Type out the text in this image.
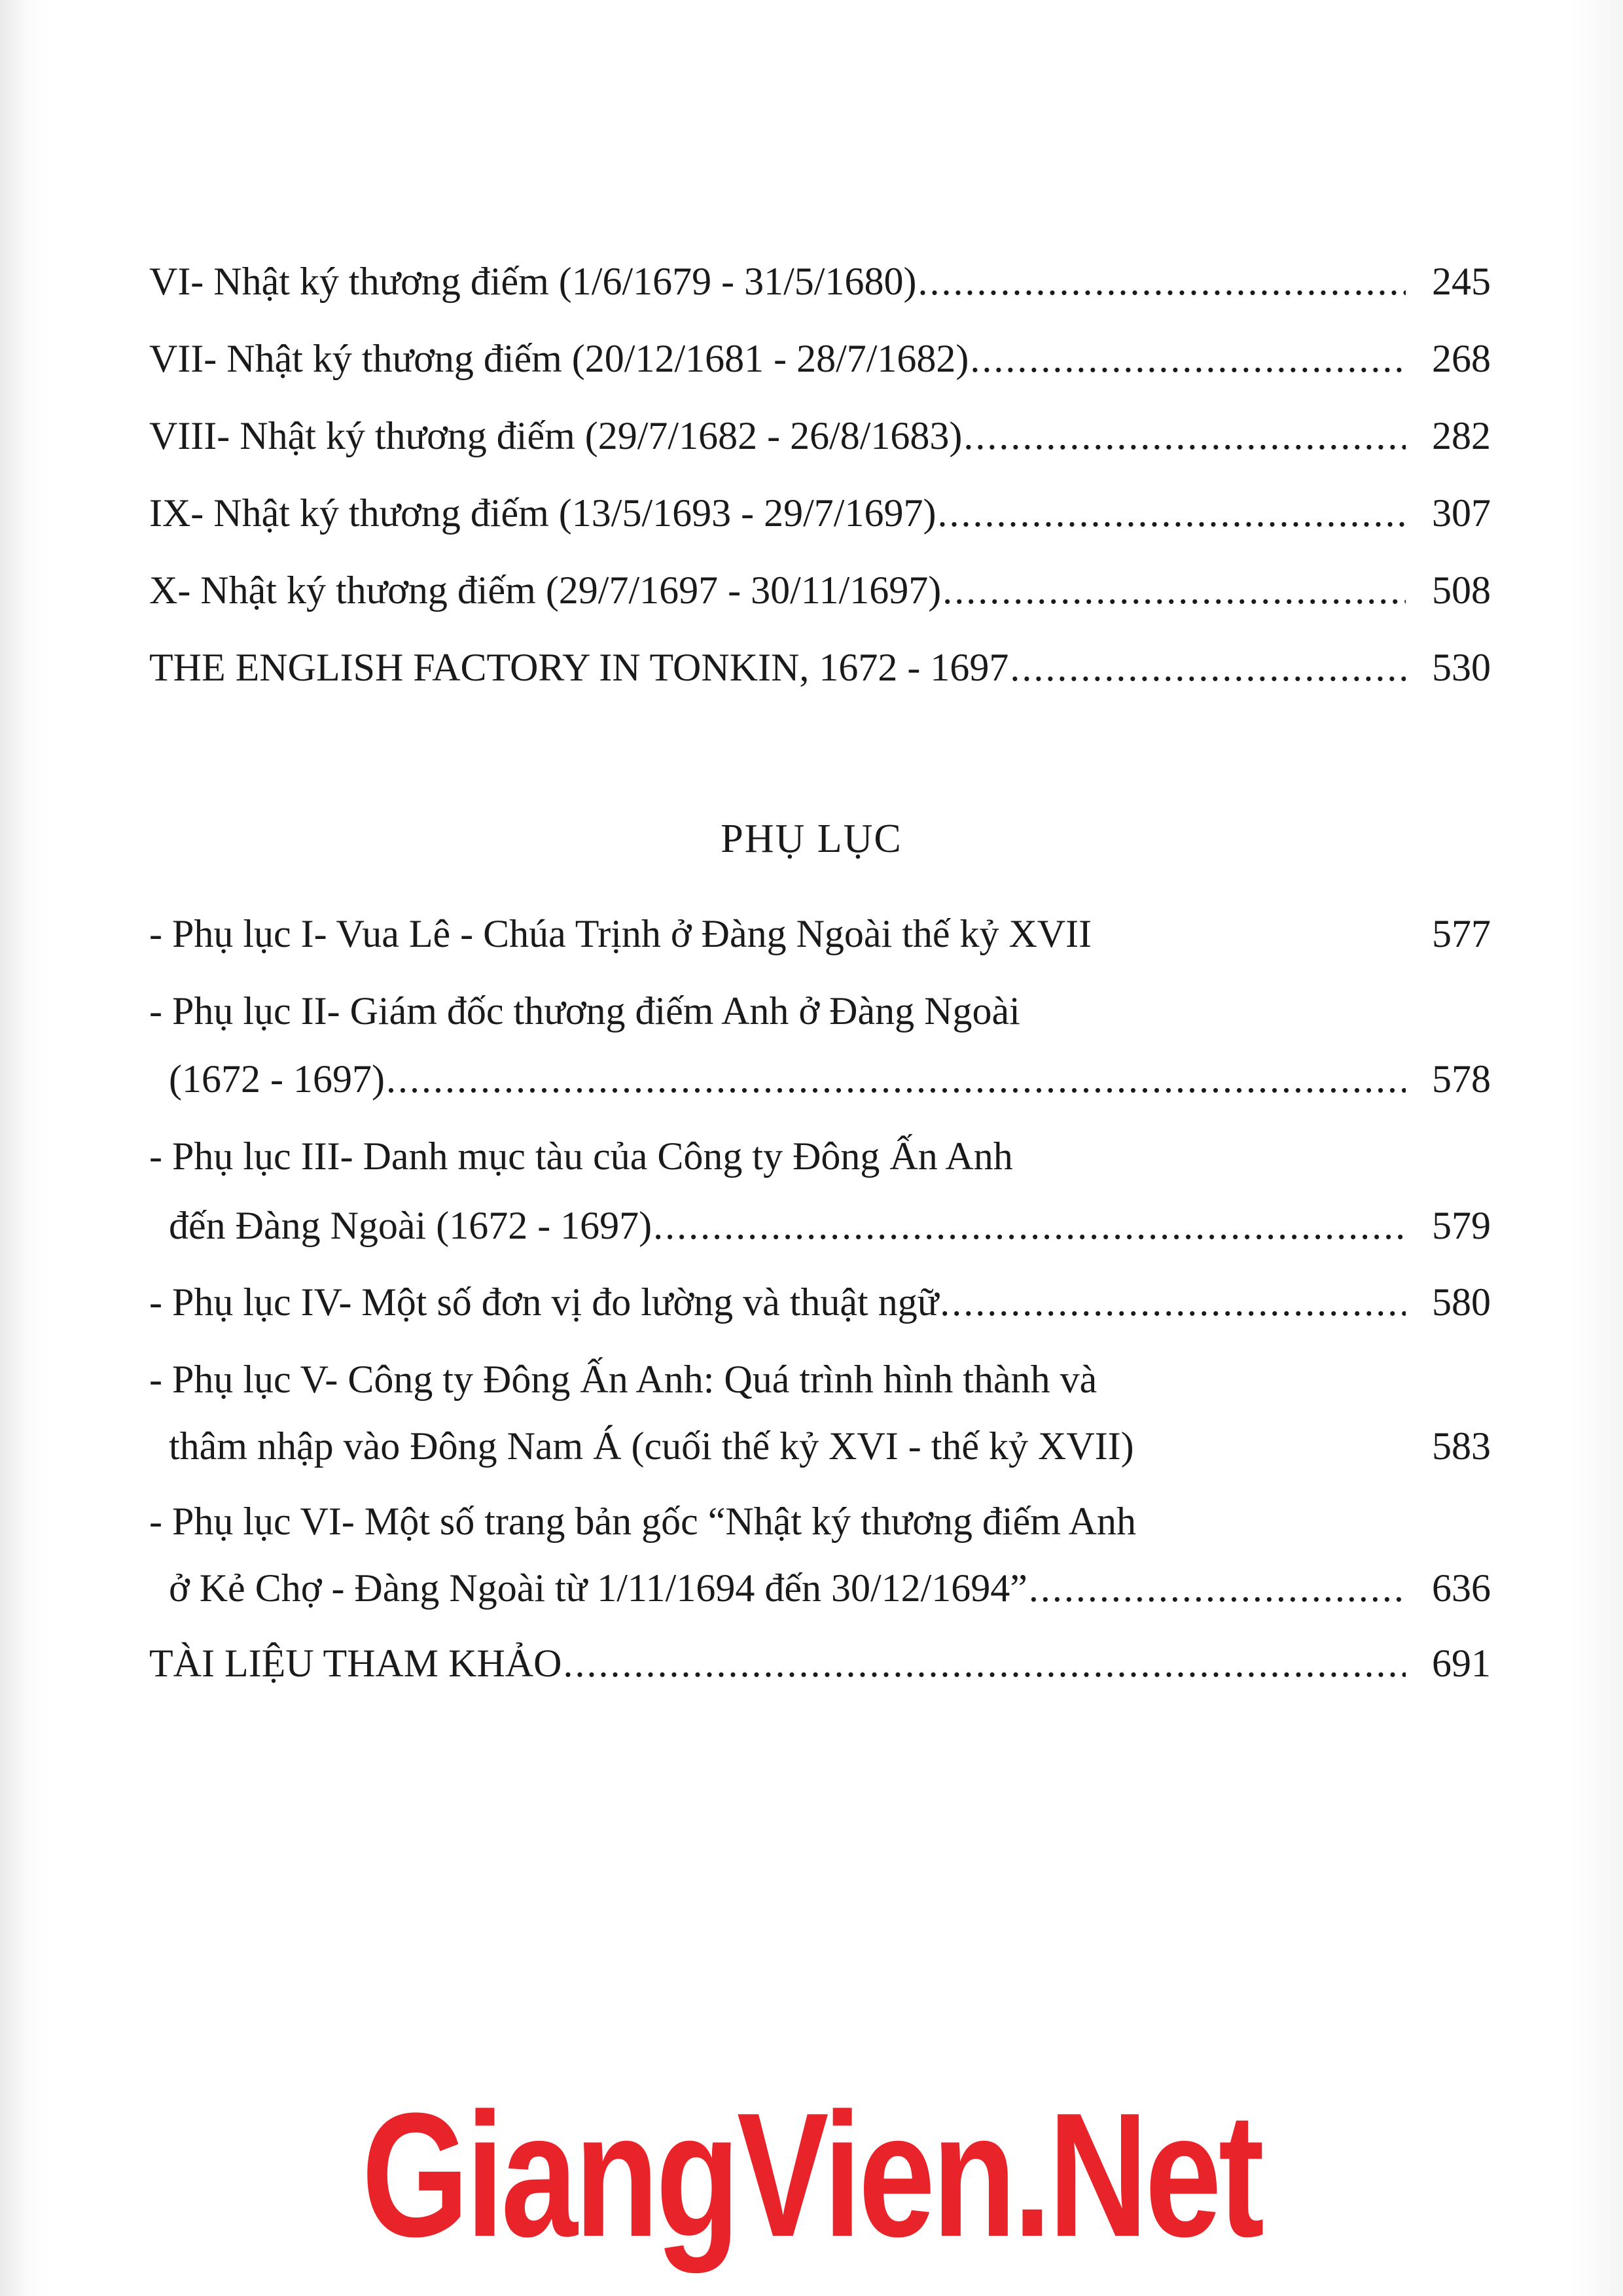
VI- Nhật ký thương điếm (1/6/1679 - 31/5/1680) .....	245
VII- Nhật ký thương điếm (20/12/1681 - 28/7/1682) .....	268
VIII- Nhật ký thương điếm (29/7/1682 - 26/8/1683) .....	282
IX- Nhật ký thương điếm (13/5/1693 - 29/7/1697) .....	307
X- Nhật ký thương điếm (29/7/1697 - 30/11/1697) .....	508
THE ENGLISH FACTORY IN TONKIN, 1672 - 1697 .....	530
- Phụ lục I- Vua Lê - Chúa Trịnh ở Đàng Ngoài thế kỷ XVII	577
- Phụ lục II- Giám đốc thương điếm Anh ở Đàng Ngoài
(1672 - 1697) .....	578
- Phụ lục III- Danh mục tàu của Công ty Đông Ấn Anh
đến Đàng Ngoài (1672 - 1697) .....	579
- Phụ lục IV- Một số đơn vị đo lường và thuật ngữ .....	580
- Phụ lục V- Công ty Đông Ấn Anh: Quá trình hình thành và
thâm nhập vào Đông Nam Á (cuối thế kỷ XVI - thế kỷ XVII)	583
- Phụ lục VI- Một số trang bản gốc “Nhật ký thương điếm Anh
ở Kẻ Chợ - Đàng Ngoài từ 1/11/1694 đến 30/12/1694” .....	636
TÀI LIỆU THAM KHẢO .....	691
PHỤ LỤC
GiangVien.Net
